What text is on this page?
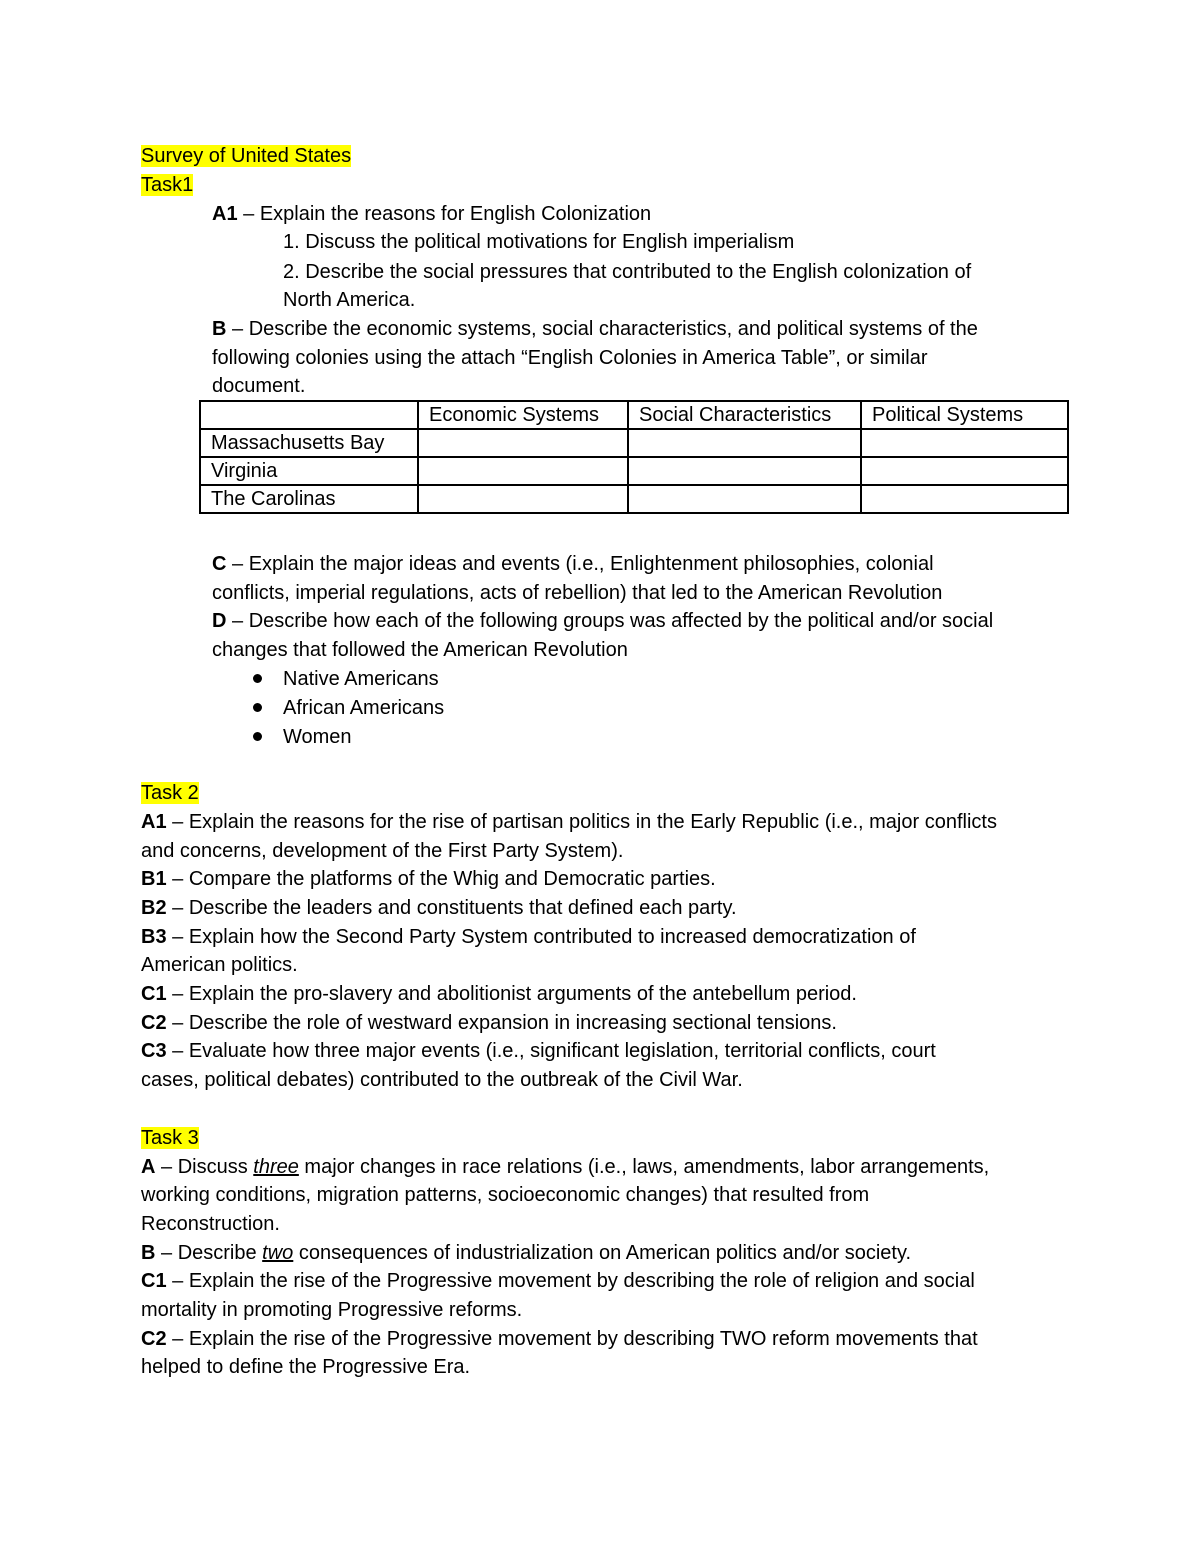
Survey of United States
Task1
A1 – Explain the reasons for English Colonization
1. Discuss the political motivations for English imperialism
2. Describe the social pressures that contributed to the English colonization of
North America.
B – Describe the economic systems, social characteristics, and political systems of the
following colonies using the attach “English Colonies in America Table”, or similar
document.
	Economic Systems	Social Characteristics	Political Systems
Massachusetts Bay			
Virginia			
The Carolinas			
C – Explain the major ideas and events (i.e., Enlightenment philosophies, colonial
conflicts, imperial regulations, acts of rebellion) that led to the American Revolution
D – Describe how each of the following groups was affected by the political and/or social
changes that followed the American Revolution
Native Americans
African Americans
Women
Task 2
A1 – Explain the reasons for the rise of partisan politics in the Early Republic (i.e., major conflicts
and concerns, development of the First Party System).
B1 – Compare the platforms of the Whig and Democratic parties.
B2 – Describe the leaders and constituents that defined each party.
B3 – Explain how the Second Party System contributed to increased democratization of
American politics.
C1 – Explain the pro-slavery and abolitionist arguments of the antebellum period.
C2 – Describe the role of westward expansion in increasing sectional tensions.
C3 – Evaluate how three major events (i.e., significant legislation, territorial conflicts, court
cases, political debates) contributed to the outbreak of the Civil War.
Task 3
A – Discuss three major changes in race relations (i.e., laws, amendments, labor arrangements,
working conditions, migration patterns, socioeconomic changes) that resulted from
Reconstruction.
B – Describe two consequences of industrialization on American politics and/or society.
C1 – Explain the rise of the Progressive movement by describing the role of religion and social
mortality in promoting Progressive reforms.
C2 – Explain the rise of the Progressive movement by describing TWO reform movements that
helped to define the Progressive Era.
